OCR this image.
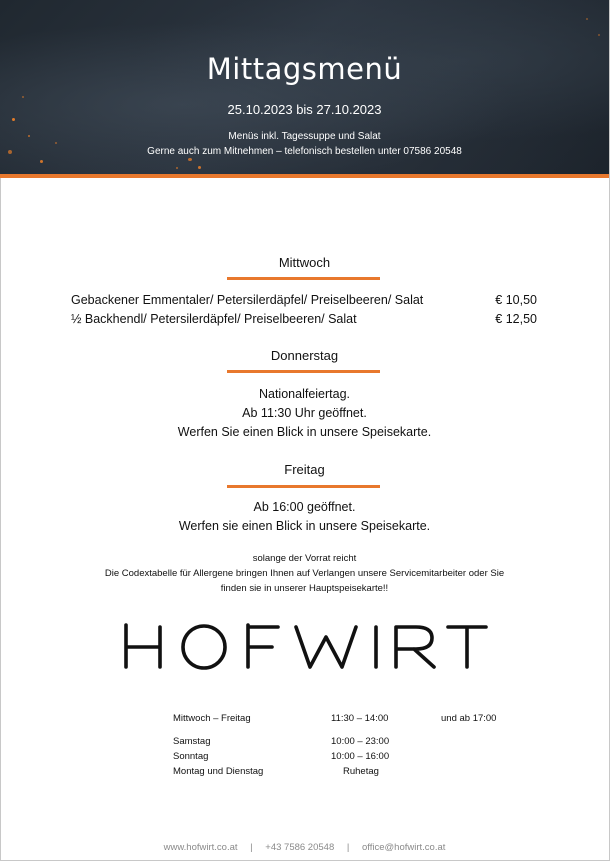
Mittagsmenü
25.10.2023 bis 27.10.2023
Menüs inkl. Tagessuppe und Salat
Gerne auch zum Mitnehmen – telefonisch bestellen unter 07586 20548
Mittwoch
Gebackener Emmentaler/ Petersilerdäpfel/ Preiselbeeren/ Salat	€ 10,50
½ Backhendl/ Petersilerdäpfel/ Preiselbeeren/ Salat	€ 12,50
Donnerstag
Nationalfeiertag.
Ab 11:30 Uhr geöffnet.
Werfen Sie einen Blick in unsere Speisekarte.
Freitag
Ab 16:00 geöffnet.
Werfen sie einen Blick in unsere Speisekarte.
solange der Vorrat reicht
Die Codextabelle für Allergene bringen Ihnen auf Verlangen unsere Servicemitarbeiter oder Sie
finden sie in unserer Hauptspeisekarte!!
Mittwoch – Freitag	11:30 – 14:00	und ab 17:00
Samstag	10:00 – 23:00
Sonntag	10:00 – 16:00
Montag und Dienstag	Ruhetag
www.hofwirt.co.at | +43 7586 20548 | office@hofwirt.co.at
